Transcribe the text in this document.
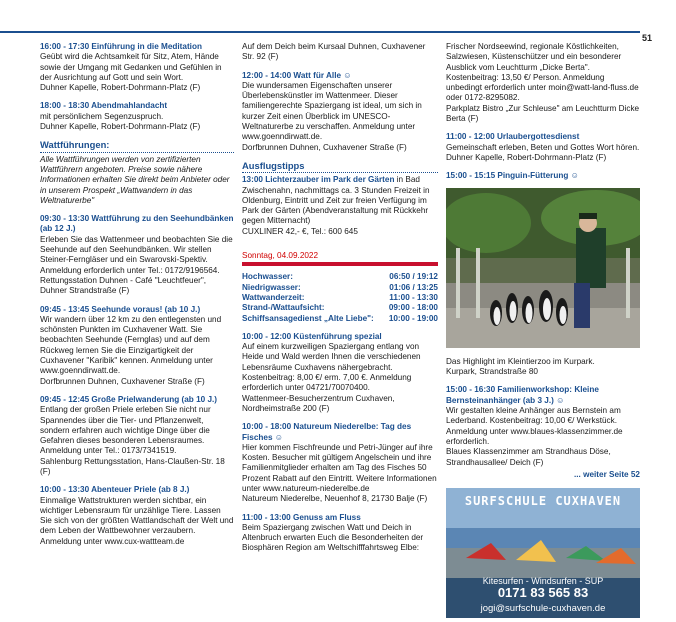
51
16:00 - 17:30 Einführung in die Meditation
Geübt wird die Achtsamkeit für Sitz, Atem, Hände sowie der Umgang mit Gedanken und Gefühlen in der Ausrichtung auf Gott und sein Wort.
Duhner Kapelle, Robert-Dohrmann-Platz (F)
18:00 - 18:30 Abendmahlandacht
mit persönlichem Segenzuspruch.
Duhner Kapelle, Robert-Dohrmann-Platz (F)
Wattführungen:
Alle Wattführungen werden von zertifizierten Wattführern angeboten. Preise sowie nähere Informationen erhalten Sie direkt beim Anbieter oder in unserem Prospekt „Wattwandern in das Weltnaturerbe"
09:30 - 13:30 Wattführung zu den Seehundbänken (ab 12 J.)
Erleben Sie das Wattenmeer und beobachten Sie die Seehunde auf den Seehundbänken. Wir stellen Steiner-Ferngläser und ein Swarovski-Spektiv. Anmeldung erforderlich unter Tel.: 0172/9196564.
Rettungsstation Duhnen - Café "Leuchtfeuer", Duhner Strandstraße (F)
09:45 - 13:45 Seehunde voraus! (ab 10 J.)
Wir wandern über 12 km zu den entlegensten und schönsten Punkten im Cuxhavener Watt. Sie beobachten Seehunde (Fernglas) und auf dem Rückweg lernen Sie die Einzigartigkeit der Cuxhavener "Karibik" kennen. Anmeldung unter www.goenndirwatt.de.
Dorfbrunnen Duhnen, Cuxhavener Straße (F)
09:45 - 12:45 Große Prielwanderung (ab 10 J.)
Entlang der großen Priele erleben Sie nicht nur Spannendes über die Tier- und Pflanzenwelt, sondern erfahren auch wichtige Dinge über die Gefahren dieses besonderen Lebensraumes. Anmeldung unter Tel.: 0173/7341519.
Sahlenburg Rettungsstation, Hans-Claußen-Str. 18 (F)
10:00 - 13:30 Abenteuer Priele (ab 8 J.)
Einmalige Wattstrukturen werden sichtbar, ein wichtiger Lebensraum für unzählige Tiere. Lassen Sie sich von der größten Wattlandschaft der Welt und dem Leben der Wattbewohner verzaubern. Anmeldung unter www.cux-wattteam.de
Auf dem Deich beim Kursaal Duhnen, Cuxhavener Str. 92 (F)
12:00 - 14:00 Watt für Alle ☺
Die wundersamen Eigenschaften unserer Überlebenskünstler im Wattenmeer. Dieser familiengerechte Spaziergang ist ideal, um sich in kurzer Zeit einen Überblick im UNESCO-Weltnaturerbe zu verschaffen. Anmeldung unter www.goenndirwatt.de.
Dorfbrunnen Duhnen, Cuxhavener Straße (F)
Ausflugstipps
13:00 Lichterzauber im Park der Gärten in Bad Zwischenahn, nachmittags ca. 3 Stunden Freizeit in Oldenburg, Eintritt und Zeit zur freien Verfügung im Park der Gärten (Abendveranstaltung mit Rückkehr gegen Mitternacht)
CUXLINER 42,- €, Tel.: 600 645
Sonntag, 04.09.2022
Hochwasser:	06:50 / 19:12
Niedrigwasser:	01:06 / 13:25
Wattwanderzeit:	11:00 - 13:30
Strand-/Wattaufsicht:	09:00 - 18:00
Schiffsansagedienst „Alte Liebe": 10:00 - 19:00
10:00 - 12:00 Küstenführung spezial
Auf einem kurzweiligen Spaziergang entlang von Heide und Wald werden Ihnen die verschiedenen Lebensräume Cuxhavens nähergebracht. Kostenbeitrag: 8,00 €/ erm. 7,00 €. Anmeldung erforderlich unter 04721/70070400.
Wattenmeer-Besucherzentrum Cuxhaven, Nordheimstraße 200 (F)
10:00 - 18:00 Natureum Niederelbe: Tag des Fisches ☺
Hier kommen Fischfreunde und Petri-Jünger auf ihre Kosten. Besucher mit gültigem Angelschein und ihre Familienmitglieder erhalten am Tag des Fisches 50 Prozent Rabatt auf den Eintritt. Weitere Informationen unter www.natureum-niederelbe.de
Natureum Niederelbe, Neuenhof 8, 21730 Balje (F)
11:00 - 13:00 Genuss am Fluss
Beim Spaziergang zwischen Watt und Deich in Altenbruch erwarten Euch die Besonderheiten der Biosphären Region am Weltschifffahrtsweg Elbe:
Frischer Nordseewind, regionale Köstlichkeiten, Salzwiesen, Küstenschützer und ein besonderer Ausblick vom Leuchtturm „Dicke Berta". Kostenbeitrag: 13,50 €/ Person. Anmeldung unbedingt erforderlich unter moin@watt-land-fluss.de oder 0172-8295082.
Parkplatz Bistro „Zur Schleuse" am Leuchtturm Dicke Berta (F)
11:00 - 12:00 Urlaubergottesdienst
Gemeinschaft erleben, Beten und Gottes Wort hören.
Duhner Kapelle, Robert-Dohrmann-Platz (F)
15:00 - 15:15 Pinguin-Fütterung ☺
Das Highlight im Kleintierzoo im Kurpark.
Kurpark, Strandstraße 80
15:00 - 16:30 Familienworkshop: Kleine Bernsteinanhänger (ab 3 J.) ☺
Wir gestalten kleine Anhänger aus Bernstein am Lederband. Kostenbeitrag: 10,00 €/ Werkstück. Anmeldung unter www.blaues-klassenzimmer.de erforderlich.
Blaues Klassenzimmer am Strandhaus Döse, Strandhausallee/ Deich (F)
... weiter Seite 52
SURFSCHULE CUXHAVEN
Kitesurfen - Windsurfen - SUP
0171 83 565 83
jogi@surfschule-cuxhaven.de
